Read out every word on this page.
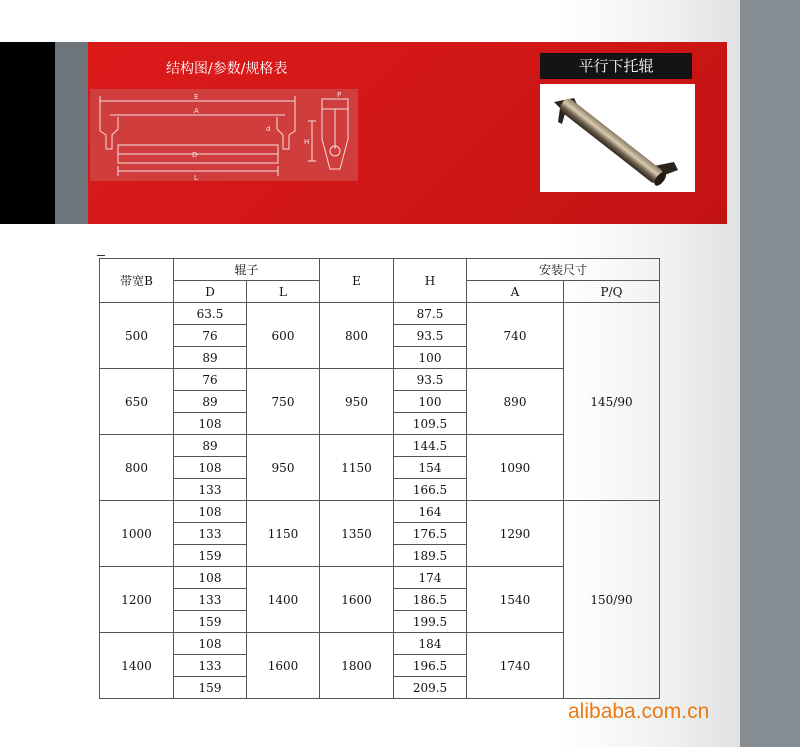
结构图/参数/规格表
E
A
D
L
d
H
P
平行下托辊
带宽B	辊子		E	H	安装尺寸	
	D	L			A	P/Q
500	63.5	600	800	87.5	740	145/90
	76			93.5		
	89			100		
650	76	750	950	93.5	890	
	89			100		
	108			109.5		
800	89	950	1150	144.5	1090	
	108			154		
	133			166.5		
1000	108	1150	1350	164	1290	150/90
	133			176.5		
	159			189.5		
1200	108	1400	1600	174	1540	
	133			186.5		
	159			199.5		
1400	108	1600	1800	184	1740	
	133			196.5		
	159			209.5		
alibaba.com.cn
